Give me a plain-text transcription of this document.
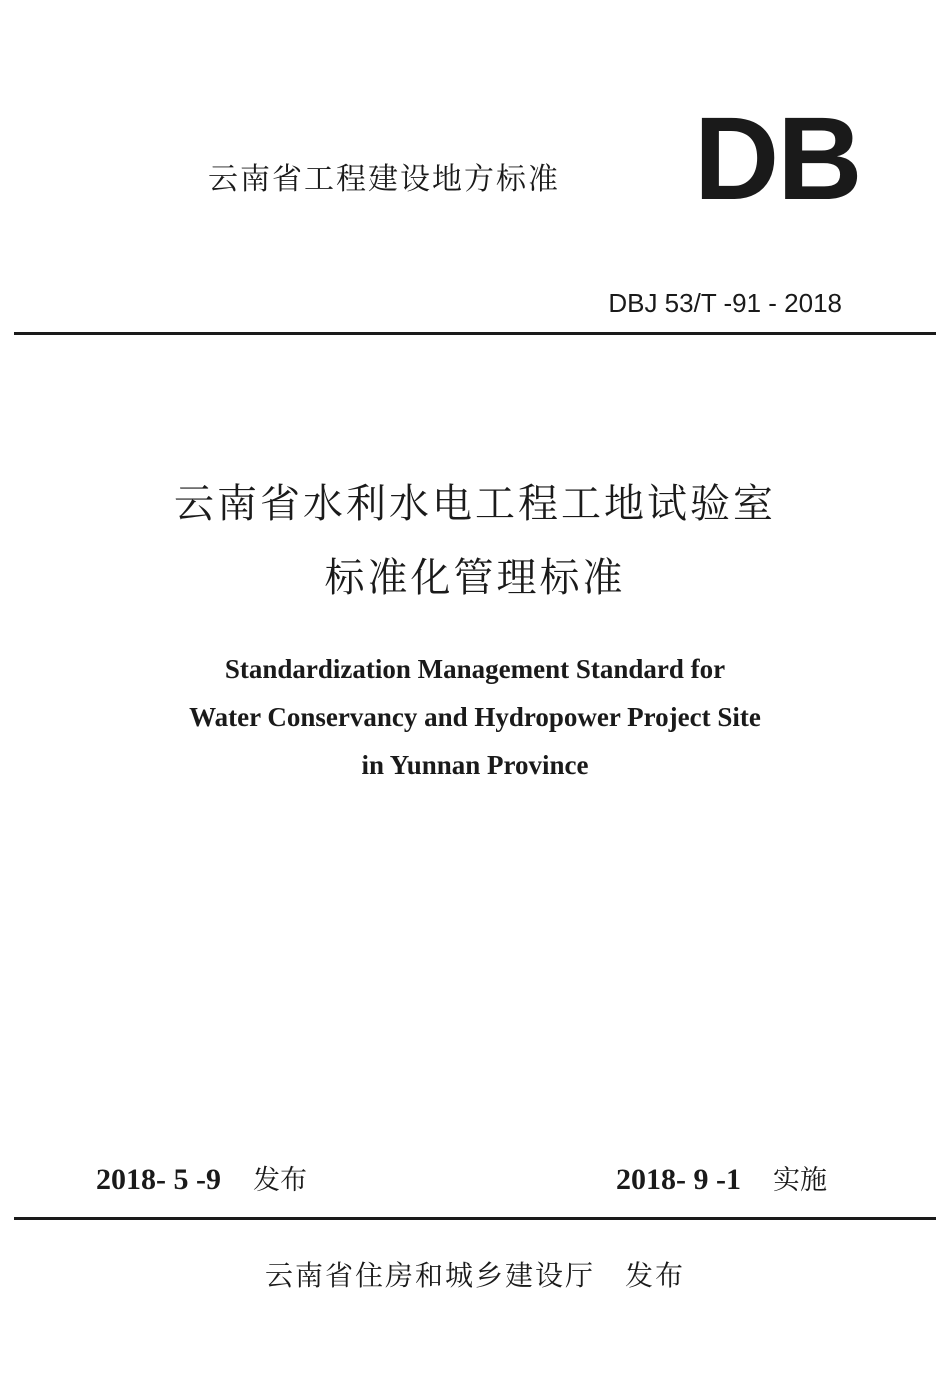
云南省工程建设地方标准 DB
DBJ 53/T -91 - 2018
云南省水利水电工程工地试验室
标准化管理标准
Standardization Management Standard for
Water Conservancy and Hydropower Project Site
in Yunnan Province
2018- 5 -9 发布	2018- 9 -1 实施
云南省住房和城乡建设厅 发布
